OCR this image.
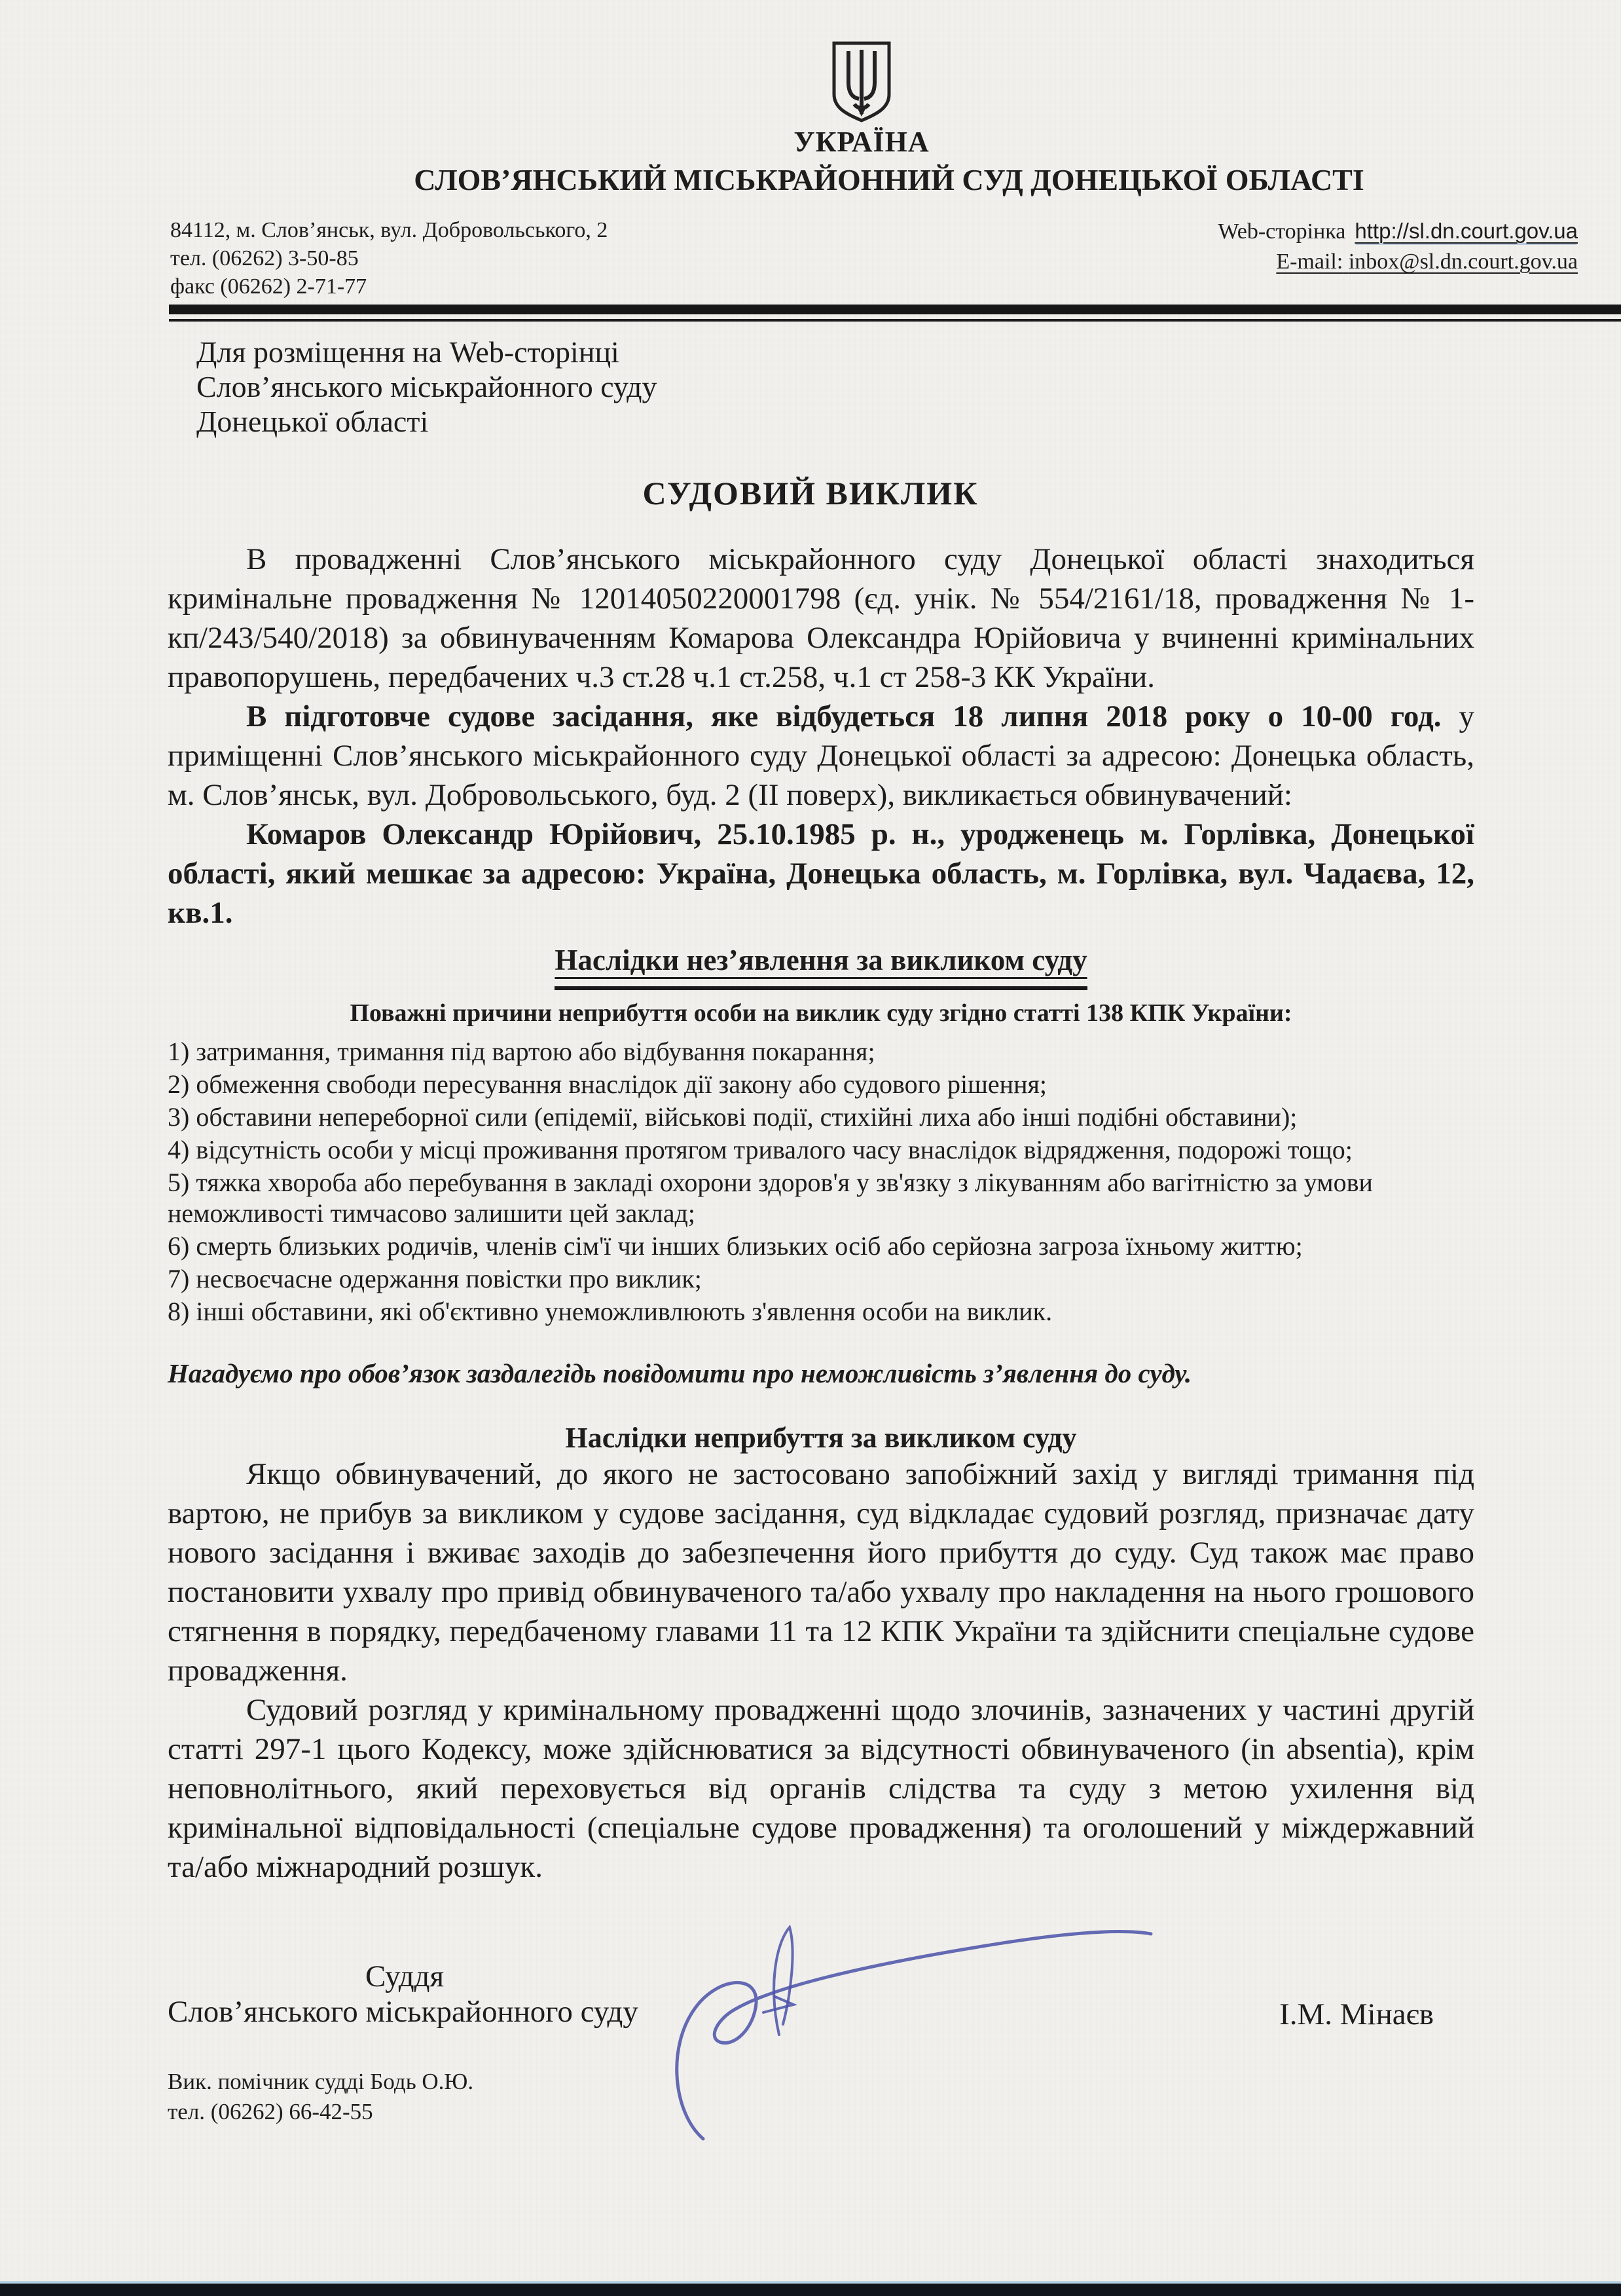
УКРАЇНА
СЛОВ’ЯНСЬКИЙ МІСЬКРАЙОННИЙ СУД ДОНЕЦЬКОЇ ОБЛАСТІ
84112, м. Слов’янськ, вул. Добровольського, 2
тел. (06262) 3-50-85
факс (06262) 2-71-77
Web-сторінка http://sl.dn.court.gov.ua
E-mail: inbox@sl.dn.court.gov.ua
Для розміщення на Web-сторінці
Слов’янського міськрайонного суду
Донецької області
СУДОВИЙ ВИКЛИК

В провадженні Слов’янського міськрайонного суду Донецької області знаходиться кримінальне провадження № 12014050220001798 (єд. унік. № 554/2161/18, провадження № 1-кп/243/540/2018) за обвинуваченням Комарова Олександра Юрійовича у вчиненні кримінальних правопорушень, передбачених ч.3 ст.28 ч.1 ст.258, ч.1 ст 258-3 КК України.

В підготовче судове засідання, яке відбудеться 18 липня 2018 року о 10-00 год. у приміщенні Слов’янського міськрайонного суду Донецької області за адресою: Донецька область, м. Слов’янськ, вул. Добровольського, буд. 2 (ІІ поверх), викликається обвинувачений:

Комаров Олександр Юрійович, 25.10.1985 р. н., уродженець м. Горлівка, Донецької області, який мешкає за адресою: Україна, Донецька область, м. Горлівка, вул. Чадаєва, 12, кв.1.

Наслідки нез’явлення за викликом суду
Поважні причини неприбуття особи на виклик суду згідно статті 138 КПК України:
1) затримання, тримання під вартою або відбування покарання;
2) обмеження свободи пересування внаслідок дії закону або судового рішення;
3) обставини непереборної сили (епідемії, військові події, стихійні лиха або інші подібні обставини);
4) відсутність особи у місці проживання протягом тривалого часу внаслідок відрядження, подорожі тощо;
5) тяжка хвороба або перебування в закладі охорони здоров'я у зв'язку з лікуванням або вагітністю за умови неможливості тимчасово залишити цей заклад;
6) смерть близьких родичів, членів сім'ї чи інших близьких осіб або серйозна загроза їхньому життю;
7) несвоєчасне одержання повістки про виклик;
8) інші обставини, які об'єктивно унеможливлюють з'явлення особи на виклик.

Нагадуємо про обов’язок заздалегідь повідомити про неможливість з’явлення до суду.

Наслідки неприбуття за викликом суду

Якщо обвинувачений, до якого не застосовано запобіжний захід у вигляді тримання під вартою, не прибув за викликом у судове засідання, суд відкладає судовий розгляд, призначає дату нового засідання і вживає заходів до забезпечення його прибуття до суду. Суд також має право постановити ухвалу про привід обвинуваченого та/або ухвалу про накладення на нього грошового стягнення в порядку, передбаченому главами 11 та 12 КПК України та здійснити спеціальне судове провадження.

Судовий розгляд у кримінальному провадженні щодо злочинів, зазначених у частині другій статті 297-1 цього Кодексу, може здійснюватися за відсутності обвинуваченого (in absentia), крім неповнолітнього, який переховується від органів слідства та суду з метою ухилення від кримінальної відповідальності (спеціальне судове провадження) та оголошений у міждержавний та/або міжнародний розшук.

Суддя
Слов’янського міськрайонного суду	І.М. Мінаєв
Вик. помічник судді Бодь О.Ю.
тел. (06262) 66-42-55
